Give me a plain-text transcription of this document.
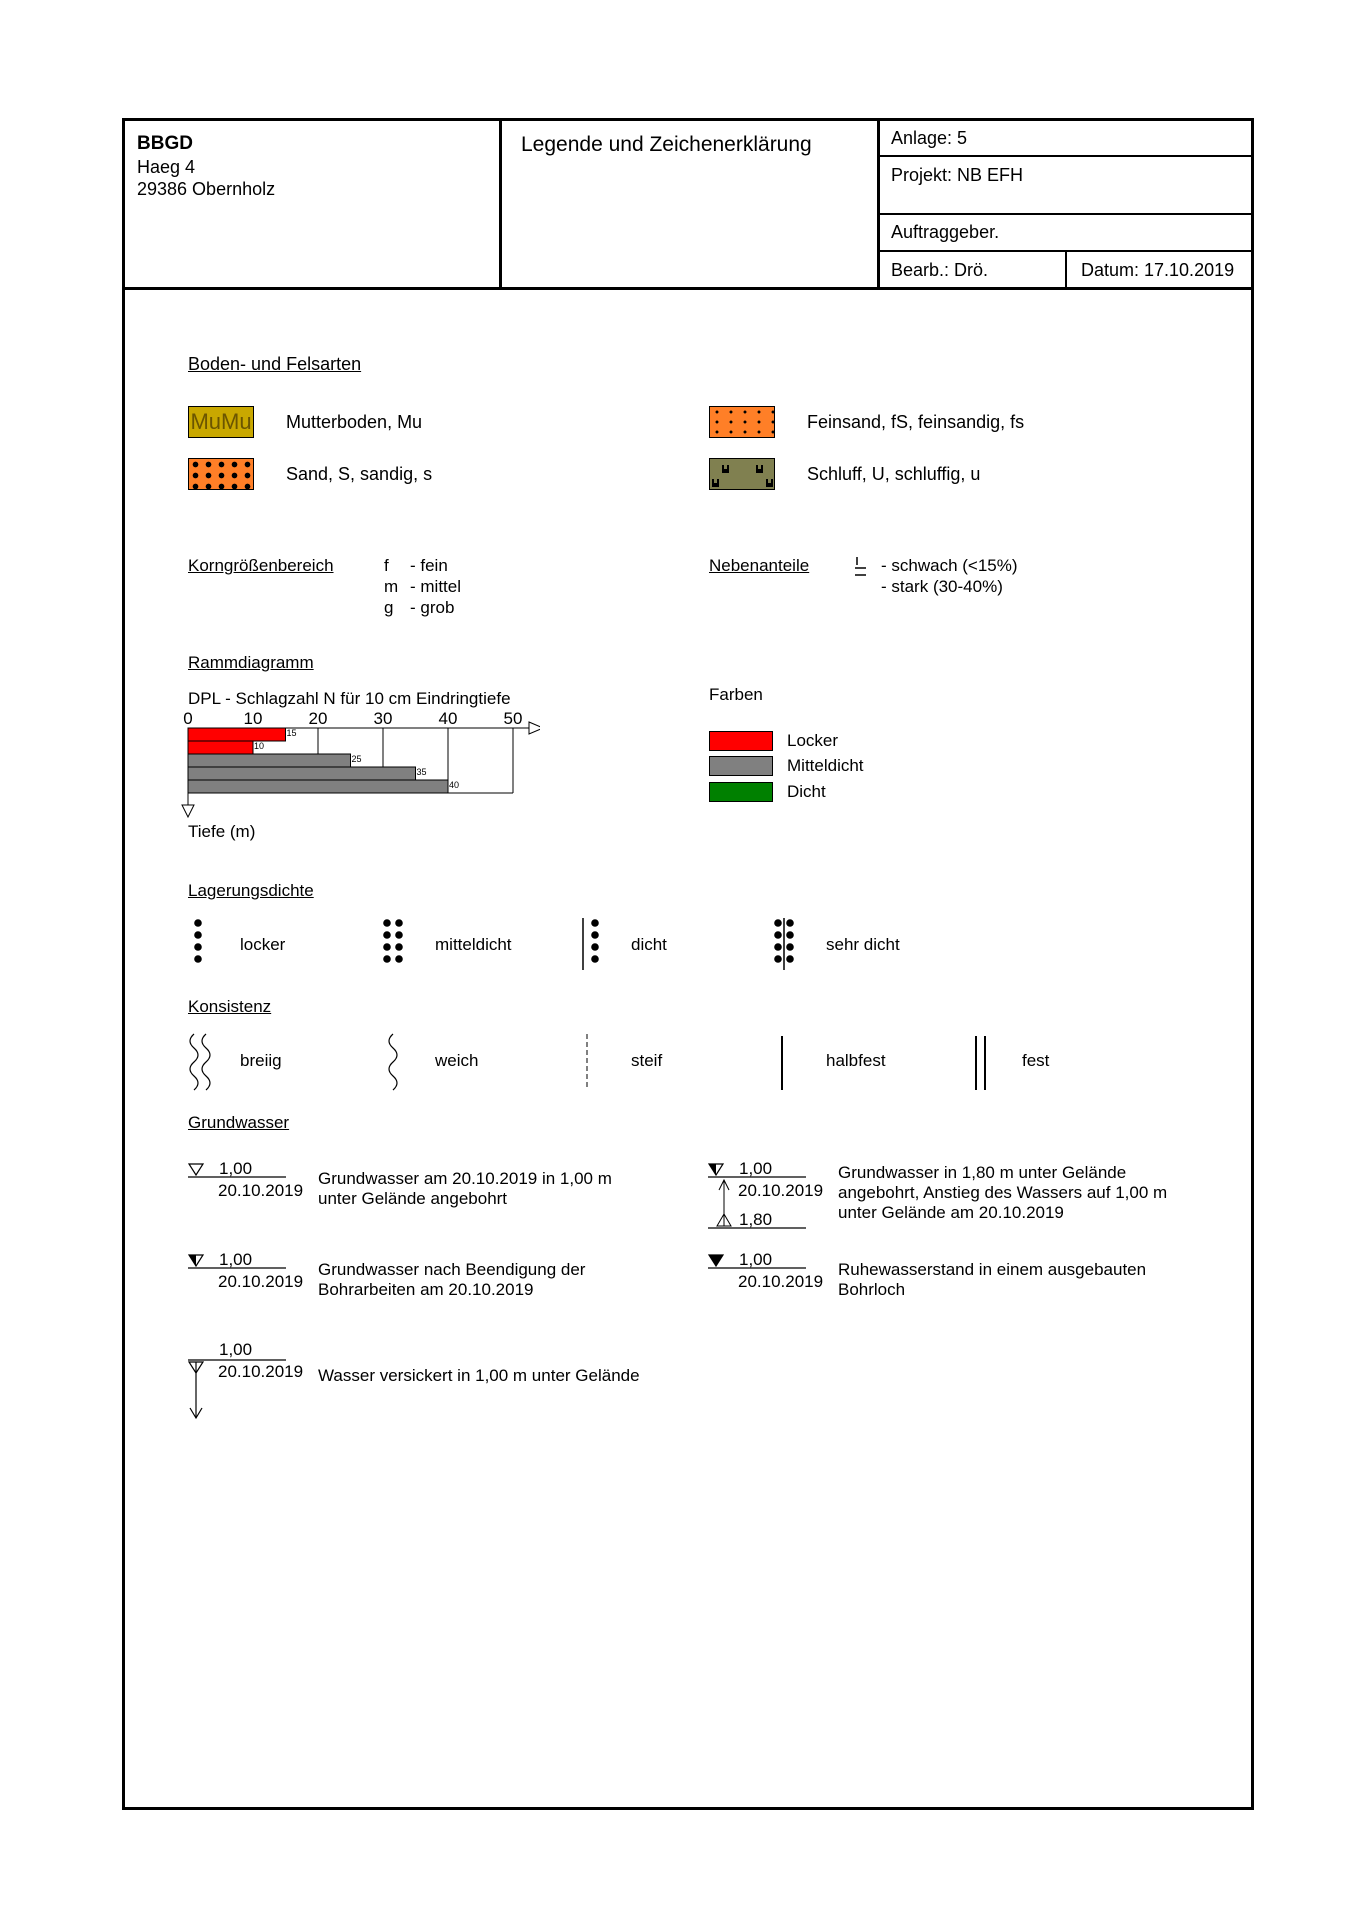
BBGD
Haeg 4
29386 Obernholz
Legende und Zeichenerklärung	Anlage: 5
Projekt: NB EFH
Auftraggeber.
Bearb.: Drö.	Datum: 17.10.2019
Boden- und Felsarten
MuMu Mutterboden, Mu	Feinsand, fS, feinsandig, fs
Sand, S, sandig, s	Schluff, U, schluffig, u
Korngrößenbereich	f - fein
m - mittel
g - grob
Nebenanteile	- schwach (<15%)
- stark (30-40%)
Rammdiagramm
DPL - Schlagzahl N für 10 cm Eindringtiefe
0	10	20	30	40	50
15
10
25
35
40
Tiefe (m)
Farben
Locker
Mitteldicht
Dicht
Lagerungsdichte
locker	mitteldicht	dicht	sehr dicht
Konsistenz
breiig	weich	steif	halbfest	fest
Grundwasser
1,00
20.10.2019
Grundwasser am 20.10.2019 in 1,00 m
unter Gelände angebohrt
1,00
20.10.2019
1,80
Grundwasser in 1,80 m unter Gelände
angebohrt, Anstieg des Wassers auf 1,00 m
unter Gelände am 20.10.2019
1,00
20.10.2019
Grundwasser nach Beendigung der
Bohrarbeiten am 20.10.2019
1,00
20.10.2019
Ruhewasserstand in einem ausgebauten
Bohrloch
1,00
20.10.2019 Wasser versickert in 1,00 m unter Gelände
